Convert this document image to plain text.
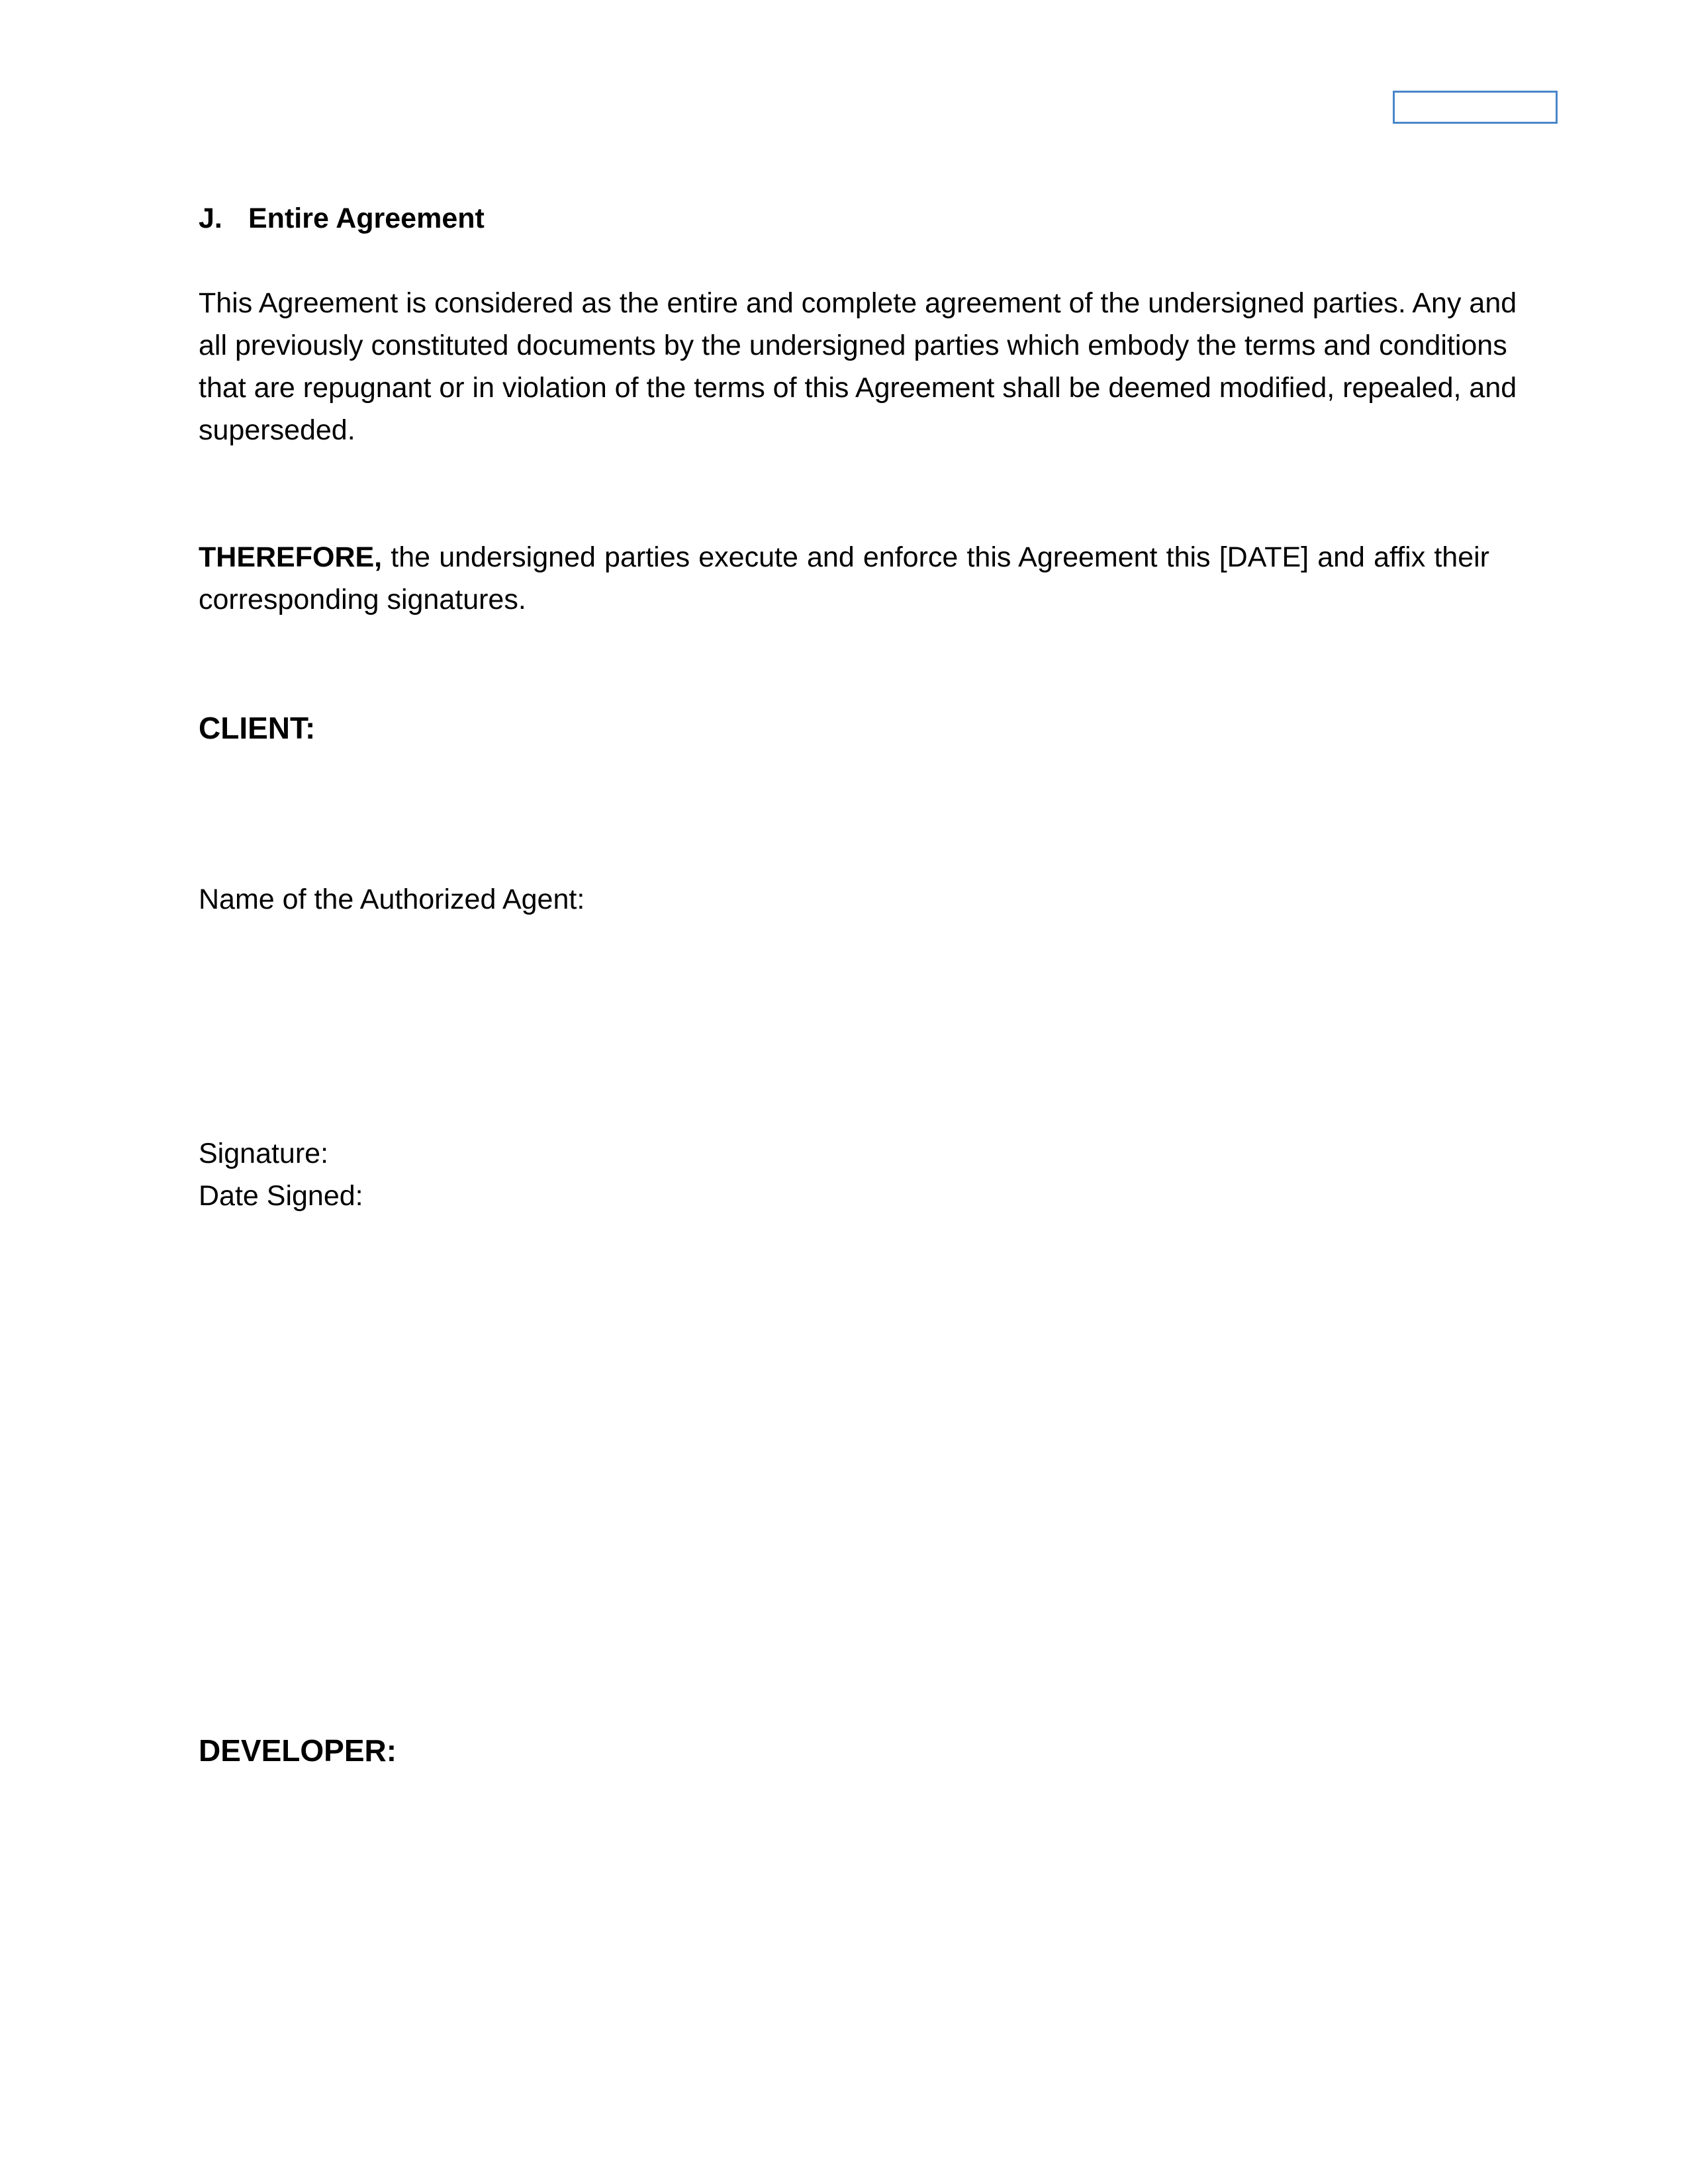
J. Entire Agreement
This Agreement is considered as the entire and complete agreement of the undersigned parties. Any and
all previously constituted documents by the undersigned parties which embody the terms and conditions
that are repugnant or in violation of the terms of this Agreement shall be deemed modified, repealed, and
superseded.
THEREFORE, the undersigned parties execute and enforce this Agreement this [DATE] and affix their
corresponding signatures.
CLIENT:
Name of the Authorized Agent:
Signature:
Date Signed:
DEVELOPER:
